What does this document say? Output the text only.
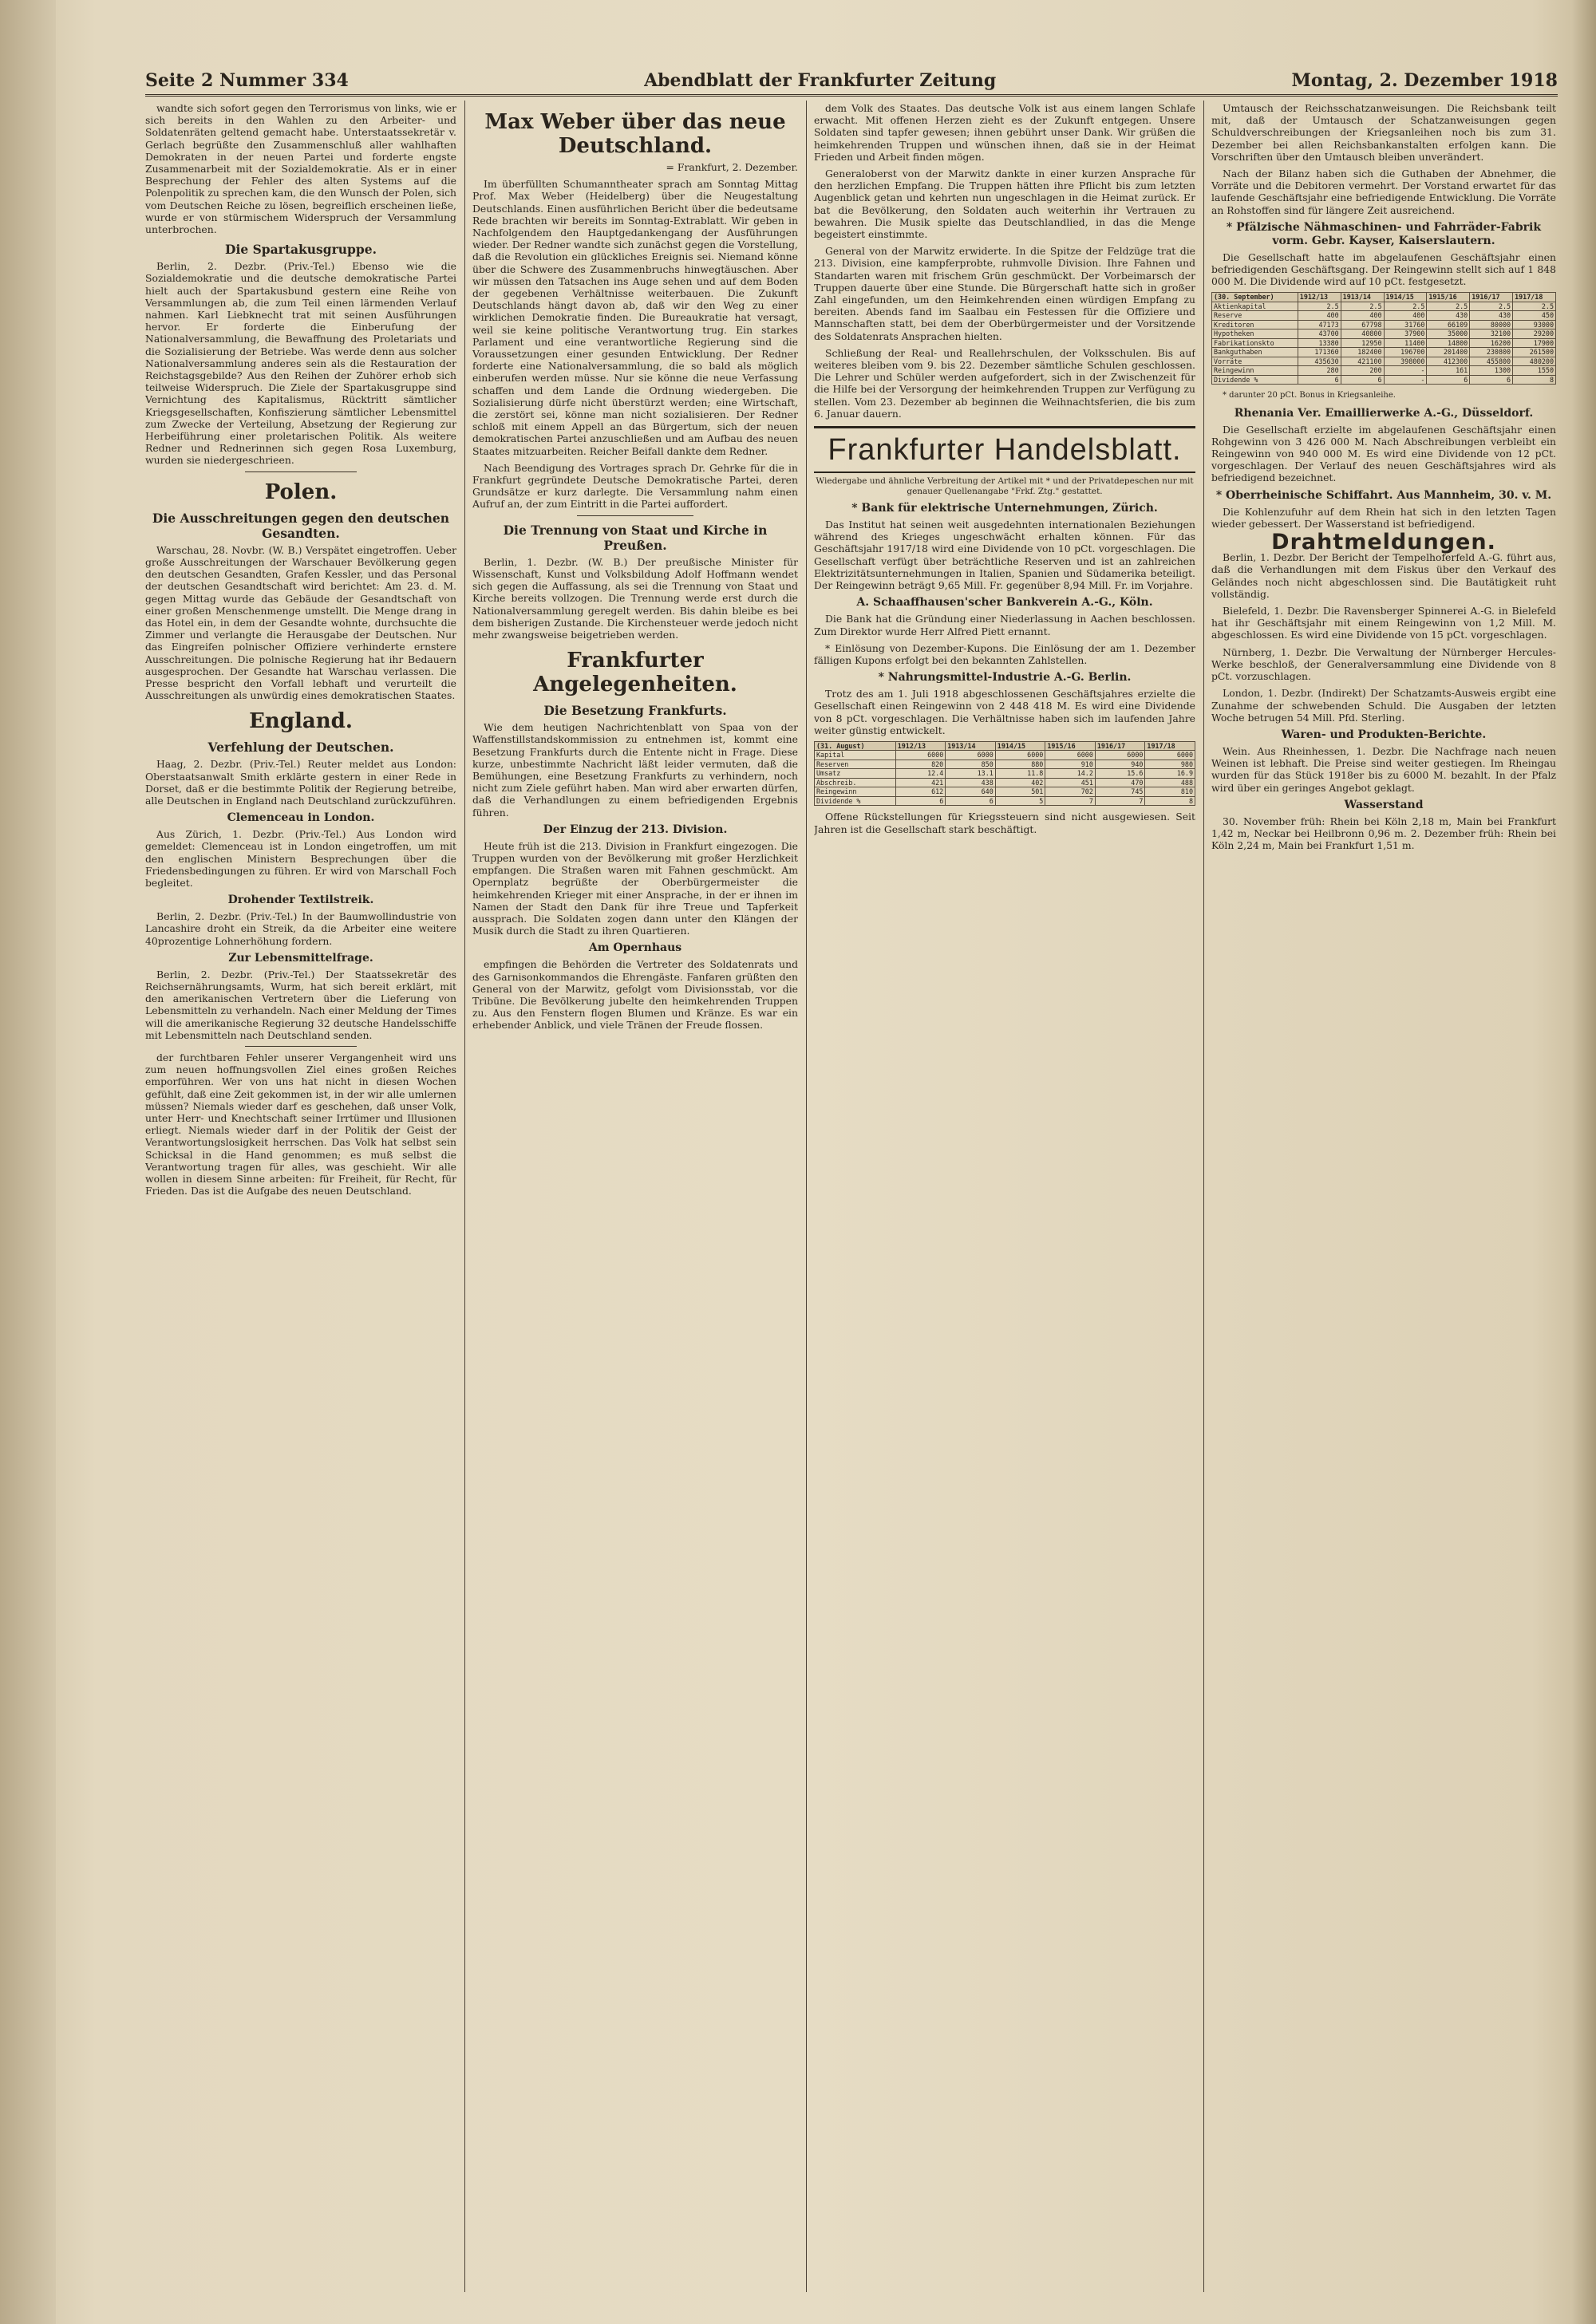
Seite 2 Nummer 334	Abendblatt der Frankfurter Zeitung	Montag, 2. Dezember 1918

wandte sich sofort gegen den Terrorismus von links, wie er sich bereits in den Wahlen zu den Arbeiter- und Soldatenräten geltend gemacht habe. Unterstaatssekretär v. Gerlach begrüßte den Zusammenschluß aller wahlhaften Demokraten in der neuen Partei und forderte engste Zusammenarbeit mit der Sozialdemokratie. Als er in einer Besprechung der Fehler des alten Systems auf die Polenpolitik zu sprechen kam, die den Wunsch der Polen, sich vom Deutschen Reiche zu lösen, begreiflich erscheinen ließe, wurde er von stürmischem Widerspruch der Versammlung unterbrochen.

Die Spartakusgruppe.

Berlin, 2. Dezbr. (Priv.-Tel.) Ebenso wie die Sozialdemokratie und die deutsche demokratische Partei hielt auch der Spartakusbund gestern eine Reihe von Versammlungen ab, die zum Teil einen lärmenden Verlauf nahmen. Karl Liebknecht trat mit seinen Ausführungen hervor. Er forderte die Einberufung der Nationalversammlung, die Bewaffnung des Proletariats und die Sozialisierung der Betriebe. Was werde denn aus solcher Nationalversammlung anderes sein als die Restauration der Reichstagsgebilde? Aus den Reihen der Zuhörer erhob sich teilweise Widerspruch. Die Ziele der Spartakusgruppe sind Vernichtung des Kapitalismus, Rücktritt sämtlicher Kriegsgesellschaften, Konfiszierung sämtlicher Lebensmittel zum Zwecke der Verteilung, Absetzung der Regierung zur Herbeiführung einer proletarischen Politik. Als weitere Redner und Rednerinnen sich gegen Rosa Luxemburg, wurden sie niedergeschrieen.

Polen.
Die Ausschreitungen gegen den deutschen Gesandten.

Warschau, 28. Novbr. (W. B.) Verspätet eingetroffen. Ueber große Ausschreitungen der Warschauer Bevölkerung gegen den deutschen Gesandten, Grafen Kessler, und das Personal der deutschen Gesandtschaft wird berichtet: Am 23. d. M. gegen Mittag wurde das Gebäude der Gesandtschaft von einer großen Menschenmenge umstellt. Die Menge drang in das Hotel ein, in dem der Gesandte wohnte, durchsuchte die Zimmer und verlangte die Herausgabe der Deutschen. Nur das Eingreifen polnischer Offiziere verhinderte ernstere Ausschreitungen. Die polnische Regierung hat ihr Bedauern ausgesprochen. Der Gesandte hat Warschau verlassen. Die Presse bespricht den Vorfall lebhaft und verurteilt die Ausschreitungen als unwürdig eines demokratischen Staates.

England.
Verfehlung der Deutschen.

Haag, 2. Dezbr. (Priv.-Tel.) Reuter meldet aus London: Oberstaatsanwalt Smith erklärte gestern in einer Rede in Dorset, daß er die bestimmte Politik der Regierung betreibe, alle Deutschen in England nach Deutschland zurückzuführen.

Clemenceau in London.

Aus Zürich, 1. Dezbr. (Priv.-Tel.) Aus London wird gemeldet: Clemenceau ist in London eingetroffen, um mit den englischen Ministern Besprechungen über die Friedensbedingungen zu führen. Er wird von Marschall Foch begleitet.

Drohender Textilstreik.

Berlin, 2. Dezbr. (Priv.-Tel.) In der Baumwollindustrie von Lancashire droht ein Streik, da die Arbeiter eine weitere 40prozentige Lohnerhöhung fordern.

Zur Lebensmittelfrage.

Berlin, 2. Dezbr. (Priv.-Tel.) Der Staatssekretär des Reichsernährungsamts, Wurm, hat sich bereit erklärt, mit den amerikanischen Vertretern über die Lieferung von Lebensmitteln zu verhandeln. Nach einer Meldung der Times will die amerikanische Regierung 32 deutsche Handelsschiffe mit Lebensmitteln nach Deutschland senden.

der furchtbaren Fehler unserer Vergangenheit wird uns zum neuen hoffnungsvollen Ziel eines großen Reiches emporführen. Wer von uns hat nicht in diesen Wochen gefühlt, daß eine Zeit gekommen ist, in der wir alle umlernen müssen? Niemals wieder darf es geschehen, daß unser Volk, unter Herr- und Knechtschaft seiner Irrtümer und Illusionen erliegt. Niemals wieder darf in der Politik der Geist der Verantwortungslosigkeit herrschen. Das Volk hat selbst sein Schicksal in die Hand genommen; es muß selbst die Verantwortung tragen für alles, was geschieht. Wir alle wollen in diesem Sinne arbeiten: für Freiheit, für Recht, für Frieden. Das ist die Aufgabe des neuen Deutschland.

Max Weber über das neue Deutschland.

= Frankfurt, 2. Dezember.

Im überfüllten Schumanntheater sprach am Sonntag Mittag Prof. Max Weber (Heidelberg) über die Neugestaltung Deutschlands. Einen ausführlichen Bericht über die bedeutsame Rede brachten wir bereits im Sonntag-Extrablatt. Wir geben in Nachfolgendem den Hauptgedankengang der Ausführungen wieder. Der Redner wandte sich zunächst gegen die Vorstellung, daß die Revolution ein glückliches Ereignis sei. Niemand könne über die Schwere des Zusammenbruchs hinwegtäuschen. Aber wir müssen den Tatsachen ins Auge sehen und auf dem Boden der gegebenen Verhältnisse weiterbauen. Die Zukunft Deutschlands hängt davon ab, daß wir den Weg zu einer wirklichen Demokratie finden. Die Bureaukratie hat versagt, weil sie keine politische Verantwortung trug. Ein starkes Parlament und eine verantwortliche Regierung sind die Voraussetzungen einer gesunden Entwicklung. Der Redner forderte eine Nationalversammlung, die so bald als möglich einberufen werden müsse. Nur sie könne die neue Verfassung schaffen und dem Lande die Ordnung wiedergeben. Die Sozialisierung dürfe nicht überstürzt werden; eine Wirtschaft, die zerstört sei, könne man nicht sozialisieren. Der Redner schloß mit einem Appell an das Bürgertum, sich der neuen demokratischen Partei anzuschließen und am Aufbau des neuen Staates mitzuarbeiten. Reicher Beifall dankte dem Redner.

Nach Beendigung des Vortrages sprach Dr. Gehrke für die in Frankfurt gegründete Deutsche Demokratische Partei, deren Grundsätze er kurz darlegte. Die Versammlung nahm einen Aufruf an, der zum Eintritt in die Partei auffordert.

Die Trennung von Staat und Kirche in Preußen.

Berlin, 1. Dezbr. (W. B.) Der preußische Minister für Wissenschaft, Kunst und Volksbildung Adolf Hoffmann wendet sich gegen die Auffassung, als sei die Trennung von Staat und Kirche bereits vollzogen. Die Trennung werde erst durch die Nationalversammlung geregelt werden. Bis dahin bleibe es bei dem bisherigen Zustande. Die Kirchensteuer werde jedoch nicht mehr zwangsweise beigetrieben werden.

Frankfurter Angelegenheiten.
Die Besetzung Frankfurts.

Wie dem heutigen Nachrichtenblatt von Spaa von der Waffenstillstandskommission zu entnehmen ist, kommt eine Besetzung Frankfurts durch die Entente nicht in Frage. Diese kurze, unbestimmte Nachricht läßt leider vermuten, daß die Bemühungen, eine Besetzung Frankfurts zu verhindern, noch nicht zum Ziele geführt haben. Man wird aber erwarten dürfen, daß die Verhandlungen zu einem befriedigenden Ergebnis führen.

Der Einzug der 213. Division.

Heute früh ist die 213. Division in Frankfurt eingezogen. Die Truppen wurden von der Bevölkerung mit großer Herzlichkeit empfangen. Die Straßen waren mit Fahnen geschmückt. Am Opernplatz begrüßte der Oberbürgermeister die heimkehrenden Krieger mit einer Ansprache, in der er ihnen im Namen der Stadt den Dank für ihre Treue und Tapferkeit aussprach. Die Soldaten zogen dann unter den Klängen der Musik durch die Stadt zu ihren Quartieren.

Am Opernhaus

empfingen die Behörden die Vertreter des Soldatenrats und des Garnisonkommandos die Ehrengäste. Fanfaren grüßten den General von der Marwitz, gefolgt vom Divisionsstab, vor die Tribüne. Die Bevölkerung jubelte den heimkehrenden Truppen zu. Aus den Fenstern flogen Blumen und Kränze. Es war ein erhebender Anblick, und viele Tränen der Freude flossen.

dem Volk des Staates. Das deutsche Volk ist aus einem langen Schlafe erwacht. Mit offenen Herzen zieht es der Zukunft entgegen. Unsere Soldaten sind tapfer gewesen; ihnen gebührt unser Dank. Wir grüßen die heimkehrenden Truppen und wünschen ihnen, daß sie in der Heimat Frieden und Arbeit finden mögen.

Generaloberst von der Marwitz dankte in einer kurzen Ansprache für den herzlichen Empfang. Die Truppen hätten ihre Pflicht bis zum letzten Augenblick getan und kehrten nun ungeschlagen in die Heimat zurück. Er bat die Bevölkerung, den Soldaten auch weiterhin ihr Vertrauen zu bewahren. Die Musik spielte das Deutschlandlied, in das die Menge begeistert einstimmte.

General von der Marwitz erwiderte. In die Spitze der Feldzüge trat die 213. Division, eine kampferprobte, ruhmvolle Division. Ihre Fahnen und Standarten waren mit frischem Grün geschmückt. Der Vorbeimarsch der Truppen dauerte über eine Stunde. Die Bürgerschaft hatte sich in großer Zahl eingefunden, um den Heimkehrenden einen würdigen Empfang zu bereiten. Abends fand im Saalbau ein Festessen für die Offiziere und Mannschaften statt, bei dem der Oberbürgermeister und der Vorsitzende des Soldatenrats Ansprachen hielten.

Schließung der Real- und Reallehrschulen, der Volksschulen. Bis auf weiteres bleiben vom 9. bis 22. Dezember sämtliche Schulen geschlossen. Die Lehrer und Schüler werden aufgefordert, sich in der Zwischenzeit für die Hilfe bei der Versorgung der heimkehrenden Truppen zur Verfügung zu stellen. Vom 23. Dezember ab beginnen die Weihnachtsferien, die bis zum 6. Januar dauern.

Frankfurter Handelsblatt.
Wiedergabe und ähnliche Verbreitung der Artikel mit * und der Privatdepeschen nur mit genauer Quellenangabe "Frkf. Ztg." gestattet.
* Bank für elektrische Unternehmungen, Zürich.

Das Institut hat seinen weit ausgedehnten internationalen Beziehungen während des Krieges ungeschwächt erhalten können. Für das Geschäftsjahr 1917/18 wird eine Dividende von 10 pCt. vorgeschlagen. Die Gesellschaft verfügt über beträchtliche Reserven und ist an zahlreichen Elektrizitätsunternehmungen in Italien, Spanien und Südamerika beteiligt. Der Reingewinn beträgt 9,65 Mill. Fr. gegenüber 8,94 Mill. Fr. im Vorjahre.

A. Schaaffhausen'scher Bankverein A.-G., Köln.

Die Bank hat die Gründung einer Niederlassung in Aachen beschlossen. Zum Direktor wurde Herr Alfred Piett ernannt.

* Einlösung von Dezember-Kupons. Die Einlösung der am 1. Dezember fälligen Kupons erfolgt bei den bekannten Zahlstellen.

* Nahrungsmittel-Industrie A.-G. Berlin.

Trotz des am 1. Juli 1918 abgeschlossenen Geschäftsjahres erzielte die Gesellschaft einen Reingewinn von 2 448 418 M. Es wird eine Dividende von 8 pCt. vorgeschlagen. Die Verhältnisse haben sich im laufenden Jahre weiter günstig entwickelt.

(31. August)	1912/13	1913/14	1914/15	1915/16	1916/17	1917/18
Kapital	6000	6000	6000	6000	6000	6000
Reserven	820	850	880	910	940	980
Umsatz	12.4	13.1	11.8	14.2	15.6	16.9
Abschreib.	421	438	402	451	470	488
Reingewinn	612	640	501	702	745	810
Dividende %	6	6	5	7	7	8

Offene Rückstellungen für Kriegssteuern sind nicht ausgewiesen. Seit Jahren ist die Gesellschaft stark beschäftigt.

Umtausch der Reichsschatzanweisungen. Die Reichsbank teilt mit, daß der Umtausch der Schatzanweisungen gegen Schuldverschreibungen der Kriegsanleihen noch bis zum 31. Dezember bei allen Reichsbankanstalten erfolgen kann. Die Vorschriften über den Umtausch bleiben unverändert.

Nach der Bilanz haben sich die Guthaben der Abnehmer, die Vorräte und die Debitoren vermehrt. Der Vorstand erwartet für das laufende Geschäftsjahr eine befriedigende Entwicklung. Die Vorräte an Rohstoffen sind für längere Zeit ausreichend.

* Pfälzische Nähmaschinen- und Fahrräder-Fabrik vorm. Gebr. Kayser, Kaiserslautern.

Die Gesellschaft hatte im abgelaufenen Geschäftsjahr einen befriedigenden Geschäftsgang. Der Reingewinn stellt sich auf 1 848 000 M. Die Dividende wird auf 10 pCt. festgesetzt.

(30. September)	1912/13	1913/14	1914/15	1915/16	1916/17	1917/18
Aktienkapital	2.5	2.5	2.5	2.5	2.5	2.5
Reserve	400	400	400	430	430	450
Kreditoren	47173	67798	31760	66109	80000	93000
Hypotheken	43700	40800	37900	35000	32100	29200
Fabrikationskto	13380	12950	11400	14800	16200	17900
Bankguthaben	171360	182400	196700	201400	230800	261500
Vorräte	435630	421100	398000	412300	455800	480200
Reingewinn	280	200	-	161	1300	1550
Dividende %	6	6	-	6	6	8

* darunter 20 pCt. Bonus in Kriegsanleihe.

Rhenania Ver. Emaillierwerke A.-G., Düsseldorf.

Die Gesellschaft erzielte im abgelaufenen Geschäftsjahr einen Rohgewinn von 3 426 000 M. Nach Abschreibungen verbleibt ein Reingewinn von 940 000 M. Es wird eine Dividende von 12 pCt. vorgeschlagen. Der Verlauf des neuen Geschäftsjahres wird als befriedigend bezeichnet.

* Oberrheinische Schiffahrt. Aus Mannheim, 30. v. M.

Die Kohlenzufuhr auf dem Rhein hat sich in den letzten Tagen wieder gebessert. Der Wasserstand ist befriedigend.

Drahtmeldungen.

Berlin, 1. Dezbr. Der Bericht der Tempelhoferfeld A.-G. führt aus, daß die Verhandlungen mit dem Fiskus über den Verkauf des Geländes noch nicht abgeschlossen sind. Die Bautätigkeit ruht vollständig.

Bielefeld, 1. Dezbr. Die Ravensberger Spinnerei A.-G. in Bielefeld hat ihr Geschäftsjahr mit einem Reingewinn von 1,2 Mill. M. abgeschlossen. Es wird eine Dividende von 15 pCt. vorgeschlagen.

Nürnberg, 1. Dezbr. Die Verwaltung der Nürnberger Hercules-Werke beschloß, der Generalversammlung eine Dividende von 8 pCt. vorzuschlagen.

London, 1. Dezbr. (Indirekt) Der Schatzamts-Ausweis ergibt eine Zunahme der schwebenden Schuld. Die Ausgaben der letzten Woche betrugen 54 Mill. Pfd. Sterling.

Waren- und Produkten-Berichte.

Wein. Aus Rheinhessen, 1. Dezbr. Die Nachfrage nach neuen Weinen ist lebhaft. Die Preise sind weiter gestiegen. Im Rheingau wurden für das Stück 1918er bis zu 6000 M. bezahlt. In der Pfalz wird über ein geringes Angebot geklagt.

Wasserstand

30. November früh: Rhein bei Köln 2,18 m, Main bei Frankfurt 1,42 m, Neckar bei Heilbronn 0,96 m. 2. Dezember früh: Rhein bei Köln 2,24 m, Main bei Frankfurt 1,51 m.
